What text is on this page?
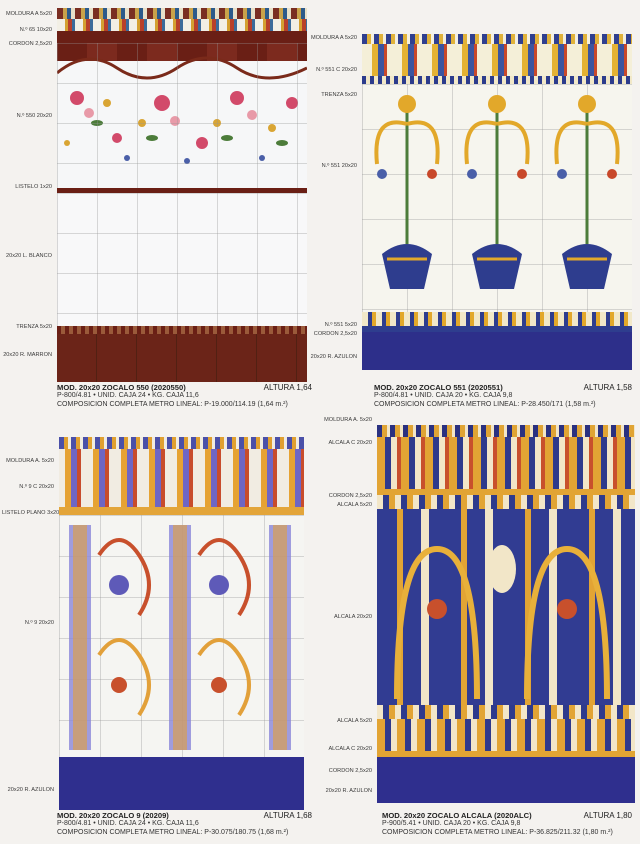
MOLDURA A 5x20
N.º 65 10x20
CORDON 2,5x20
N.º 550 20x20
LISTELO 1x20
20x20 L. BLANCO
TRENZA 5x20
20x20 R. MARRON
MOD. 20x20 ZOCALO 550 (2020550)	ALTURA 1,64
P-800/4.81 • UNID. CAJA 24 • KG. CAJA 11,6
COMPOSICION COMPLETA METRO LINEAL: P-19.000/114.19 (1,64 m.²)
MOLDURA A 5x20
N.º 551 C 20x20
TRENZA 5x20
N.º 551 20x20
N.º 551 5x20
CORDON 2,5x20
20x20 R. AZULON
MOD. 20x20 ZOCALO 551 (2020551)	ALTURA 1,58
P-800/4.81 • UNID. CAJA 20 • KG. CAJA 9,8
COMPOSICION COMPLETA METRO LINEAL: P-28.450/171 (1,58 m.²)
MOLDURA A. 5x20
N.º 9 C 20x20
LISTELO PLANO 3x20
N.º 9 20x20
20x20 R. AZULON
MOD. 20x20 ZOCALO 9 (20209)	ALTURA 1,68
P-800/4.81 • UNID. CAJA 24 • KG. CAJA 11,6
COMPOSICION COMPLETA METRO LINEAL: P-30.075/180.75 (1,68 m.²)
MOLDURA A. 5x20
ALCALA C 20x20
CORDON 2,5x20
ALCALA 5x20
ALCALA 20x20
ALCALA 5x20
ALCALA C 20x20
CORDON 2,5x20
20x20 R. AZULON
MOD. 20x20 ZOCALO ALCALA (2020ALC)	ALTURA 1,80
P-900/5.41 • UNID. CAJA 20 • KG. CAJA 9,8
COMPOSICION COMPLETA METRO LINEAL: P-36.825/211.32 (1,80 m.²)
